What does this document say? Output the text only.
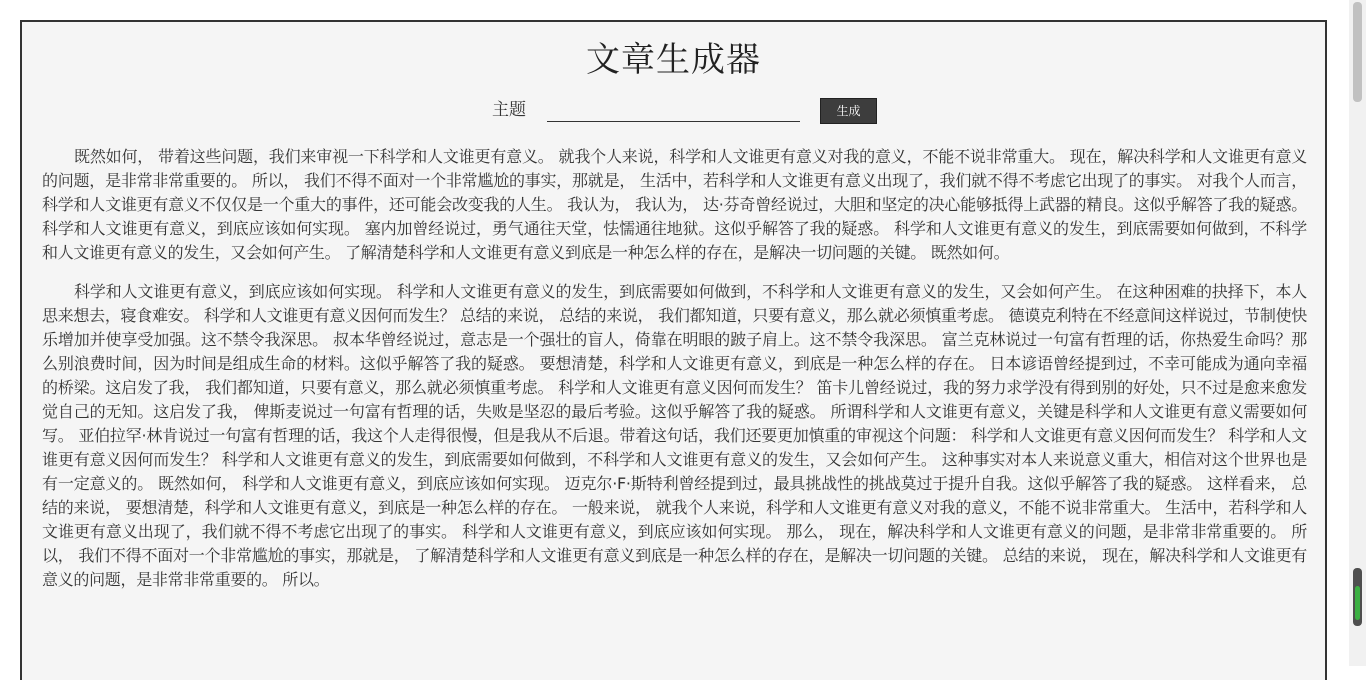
文章生成器
主题	生成

既然如何， 带着这些问题，我们来审视一下科学和人文谁更有意义。 就我个人来说，科学和人文谁更有意义对我的意义，不能不说非常重大。 现在，解决科学和人文谁更有意义的问题，是非常非常重要的。 所以， 我们不得不面对一个非常尴尬的事实，那就是， 生活中，若科学和人文谁更有意义出现了，我们就不得不考虑它出现了的事实。 对我个人而言，科学和人文谁更有意义不仅仅是一个重大的事件，还可能会改变我的人生。 我认为， 我认为， 达·芬奇曾经说过，大胆和坚定的决心能够抵得上武器的精良。这似乎解答了我的疑惑。 科学和人文谁更有意义，到底应该如何实现。 塞内加曾经说过，勇气通往天堂，怯懦通往地狱。这似乎解答了我的疑惑。 科学和人文谁更有意义的发生，到底需要如何做到，不科学和人文谁更有意义的发生，又会如何产生。 了解清楚科学和人文谁更有意义到底是一种怎么样的存在，是解决一切问题的关键。 既然如何。

科学和人文谁更有意义，到底应该如何实现。 科学和人文谁更有意义的发生，到底需要如何做到，不科学和人文谁更有意义的发生，又会如何产生。 在这种困难的抉择下，本人思来想去，寝食难安。 科学和人文谁更有意义因何而发生？ 总结的来说， 总结的来说， 我们都知道，只要有意义，那么就必须慎重考虑。 德谟克利特在不经意间这样说过，节制使快乐增加并使享受加强。这不禁令我深思。 叔本华曾经说过，意志是一个强壮的盲人，倚靠在明眼的跛子肩上。这不禁令我深思。 富兰克林说过一句富有哲理的话，你热爱生命吗？那么别浪费时间，因为时间是组成生命的材料。这似乎解答了我的疑惑。 要想清楚，科学和人文谁更有意义，到底是一种怎么样的存在。 日本谚语曾经提到过，不幸可能成为通向幸福的桥梁。这启发了我， 我们都知道，只要有意义，那么就必须慎重考虑。 科学和人文谁更有意义因何而发生？ 笛卡儿曾经说过，我的努力求学没有得到别的好处，只不过是愈来愈发觉自己的无知。这启发了我， 俾斯麦说过一句富有哲理的话，失败是坚忍的最后考验。这似乎解答了我的疑惑。 所谓科学和人文谁更有意义，关键是科学和人文谁更有意义需要如何写。 亚伯拉罕·林肯说过一句富有哲理的话，我这个人走得很慢，但是我从不后退。带着这句话，我们还要更加慎重的审视这个问题： 科学和人文谁更有意义因何而发生？ 科学和人文谁更有意义因何而发生？ 科学和人文谁更有意义的发生，到底需要如何做到，不科学和人文谁更有意义的发生，又会如何产生。 这种事实对本人来说意义重大，相信对这个世界也是有一定意义的。 既然如何， 科学和人文谁更有意义，到底应该如何实现。 迈克尔·F·斯特利曾经提到过，最具挑战性的挑战莫过于提升自我。这似乎解答了我的疑惑。 这样看来， 总结的来说， 要想清楚，科学和人文谁更有意义，到底是一种怎么样的存在。 一般来说， 就我个人来说，科学和人文谁更有意义对我的意义，不能不说非常重大。 生活中，若科学和人文谁更有意义出现了，我们就不得不考虑它出现了的事实。 科学和人文谁更有意义，到底应该如何实现。 那么， 现在，解决科学和人文谁更有意义的问题，是非常非常重要的。 所以， 我们不得不面对一个非常尴尬的事实，那就是， 了解清楚科学和人文谁更有意义到底是一种怎么样的存在，是解决一切问题的关键。 总结的来说， 现在，解决科学和人文谁更有意义的问题，是非常非常重要的。 所以。
